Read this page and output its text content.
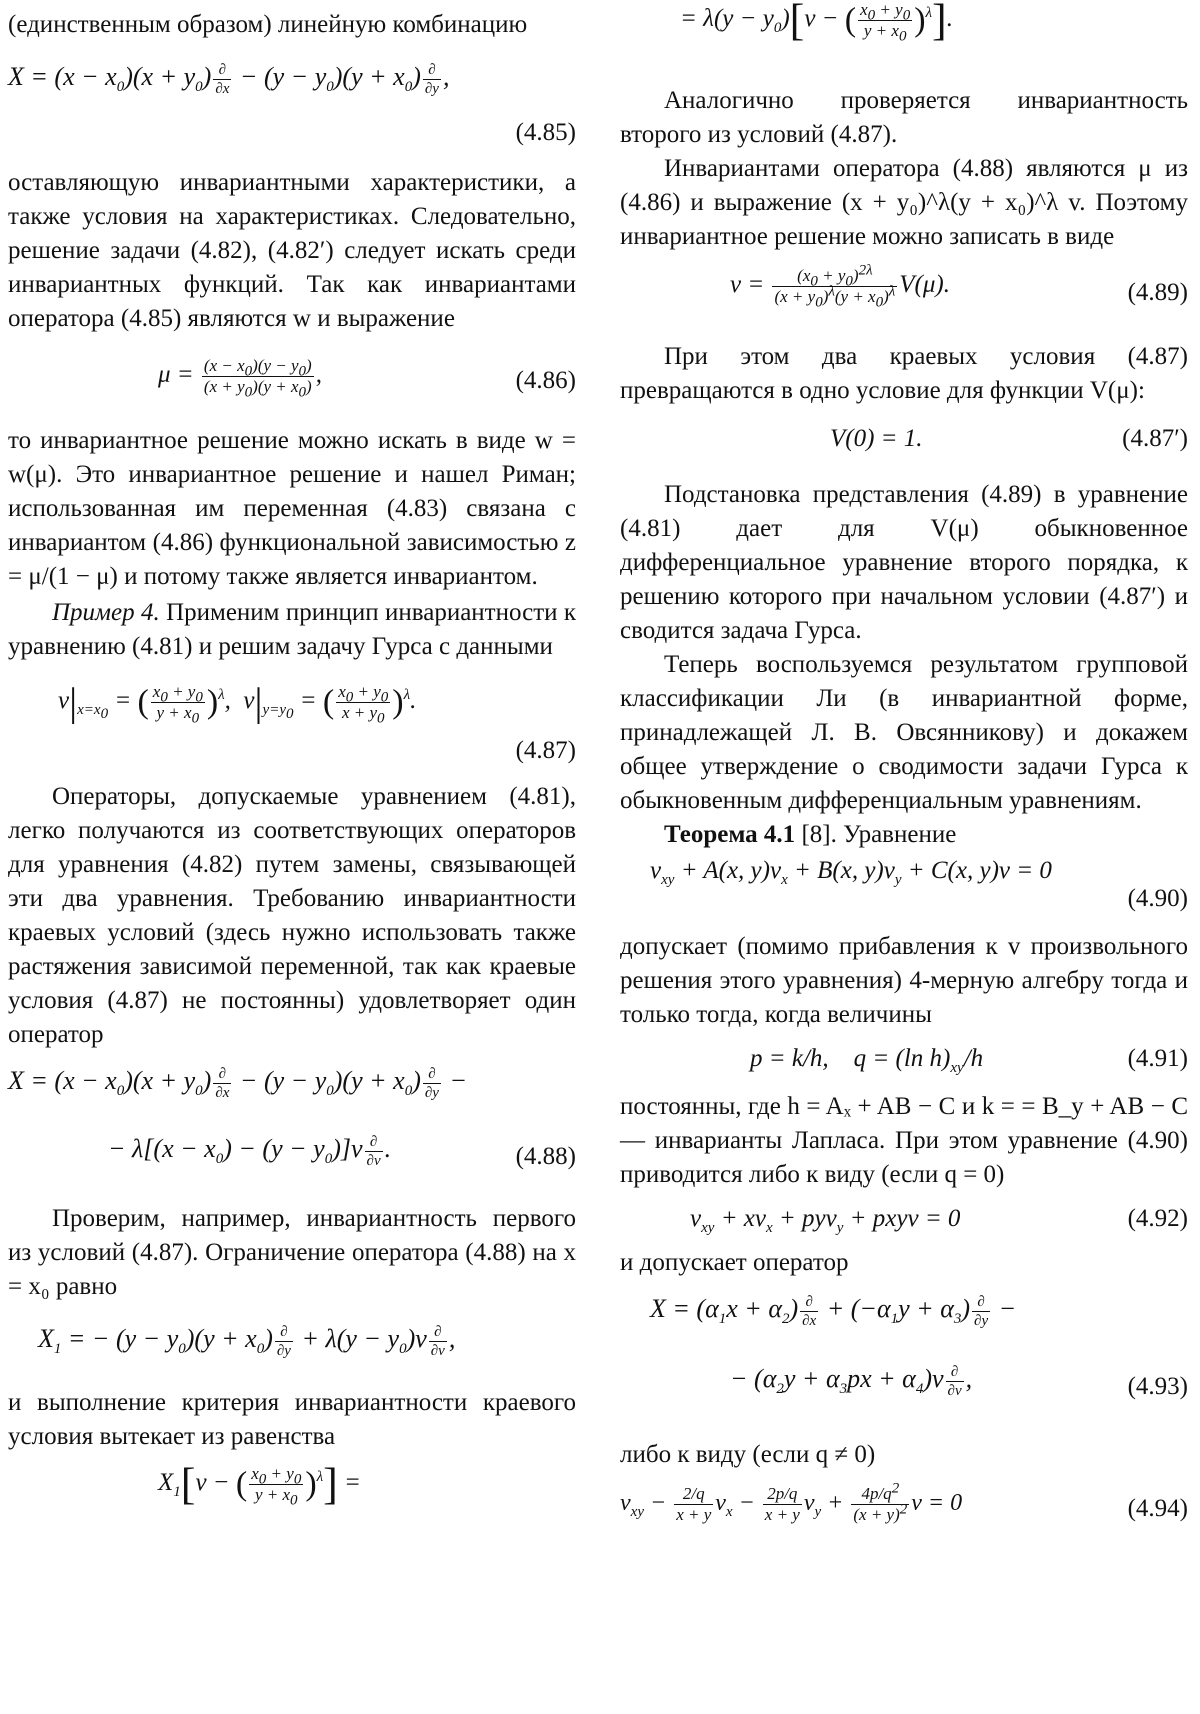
(единственным образом) линейную комбинацию

$X = (x - x_0)(x + y_0) \frac{\partial}{\partial x} - (y - y_0)(y + x_0) \frac{\partial}{\partial y}$ ,
(4.85)

оставляющую инвариантными характеристики, а также условия на характеристиках. Следовательно, решение задачи (4.82), (4.82′) следует искать среди инвариантных функций. Так как инвариантами оператора (4.85) являются w и выражение

$\mu = \frac{(x - x_0)(y - y_0)}{(x + y_0)(y + x_0)}$ ,	(4.86)

то инвариантное решение можно искать в виде w = w(μ). Это инвариантное решение и нашел Риман; использованная им переменная (4.83) связана с инвариантом (4.86) функциональной зависимостью z = μ/(1 − μ) и потому также является инвариантом.

Пример 4. Применим принцип инвариантности к уравнению (4.81) и решим задачу Гурса с данными

$v|_{x=x_0}$ = ( $\frac{x_0 + y_0}{y + x_0} )^\lambda$,  $v|_{y=y_0}$ = ( $\frac{x_0 + y_0}{x + y_0} )^\lambda$.
(4.87)

Операторы, допускаемые уравнением (4.81), легко получаются из соответствующих операторов для уравнения (4.82) путем замены, связывающей эти два уравнения. Требованию инвариантности краевых условий (здесь нужно использовать также растяжения зависимой переменной, так как краевые условия (4.87) не постоянны) удовлетворяет один оператор

$X = (x - x_0)(x + y_0) \frac{\partial}{\partial x} - (y - y_0)(y + x_0) \frac{\partial}{\partial y}$ −
− $\lambda[(x - x_0) - (y - y_0)]v \frac{\partial}{\partial v}$ .	(4.88)

Проверим, например, инвариантность первого из условий (4.87). Ограничение оператора (4.88) на x = x₀ равно

$X_1$ = − $(y - y_0)(y + x_0) \frac{\partial}{\partial y} + \lambda(y - y_0)v \frac{\partial}{\partial v}$ ,

и выполнение критерия инвариантности краевого условия вытекает из равенства

$X_1[v$ − ( $\frac{x_0 + y_0}{y + x_0} )^\lambda$] =
= $\lambda(y - y_0)[v$ − ( $\frac{x_0 + y_0}{y + x_0} )^\lambda$].

Аналогично проверяется инвариантность второго из условий (4.87).

Инвариантами оператора (4.88) являются μ из (4.86) и выражение (x + y₀)^λ(y + x₀)^λ v. Поэтому инвариантное решение можно записать в виде

$v = \frac{(x_0 + y_0)^{2\lambda}}{(x + y_0)^\lambda(y + x_0)^\lambda} V(\mu)$.	(4.89)

При этом два краевых условия (4.87) превращаются в одно условие для функции V(μ):

V(0) = 1.	(4.87′)

Подстановка представления (4.89) в уравнение (4.81) дает для V(μ) обыкновенное дифференциальное уравнение второго порядка, к решению которого при начальном условии (4.87′) и сводится задача Гурса.

Теперь воспользуемся результатом групповой классификации Ли (в инвариантной форме, принадлежащей Л. В. Овсянникову) и докажем общее утверждение о сводимости задачи Гурса к обыкновенным дифференциальным уравнениям.

Теорема 4.1 [8]. Уравнение

$v_{xy} + A(x$, $y)v_x + B(x$, $y)v_y + C(x$, y)v = 0
(4.90)

допускает (помимо прибавления к v произвольного решения этого уравнения) 4-мерную алгебру тогда и только тогда, когда величины

p = k/h,    q = (ln $h)_{xy}/h$	(4.91)

постоянны, где h = Aₓ + AB − C и k = = B_y + AB − C — инварианты Лапласа. При этом уравнение (4.90) приводится либо к виду (если q = 0)

$v_{xy} + xv_x + pyv_y$ + pxyv = 0	(4.92)

и допускает оператор

$X = (\alpha_1x + \alpha_2) \frac{\partial}{\partial x} + (-\alpha_1y + \alpha_3) \frac{\partial}{\partial y}$ −
− $(\alpha_2y + \alpha_3px + \alpha_4)v \frac{\partial}{\partial v}$ ,	(4.93)

либо к виду (если q ≠ 0)

$v_{xy} - \frac{2/q}{x + y} v_x - \frac{2p/q}{x + y} v_y + \frac{4p/q^2}{(x + y)^2}$ v = 0	(4.94)
